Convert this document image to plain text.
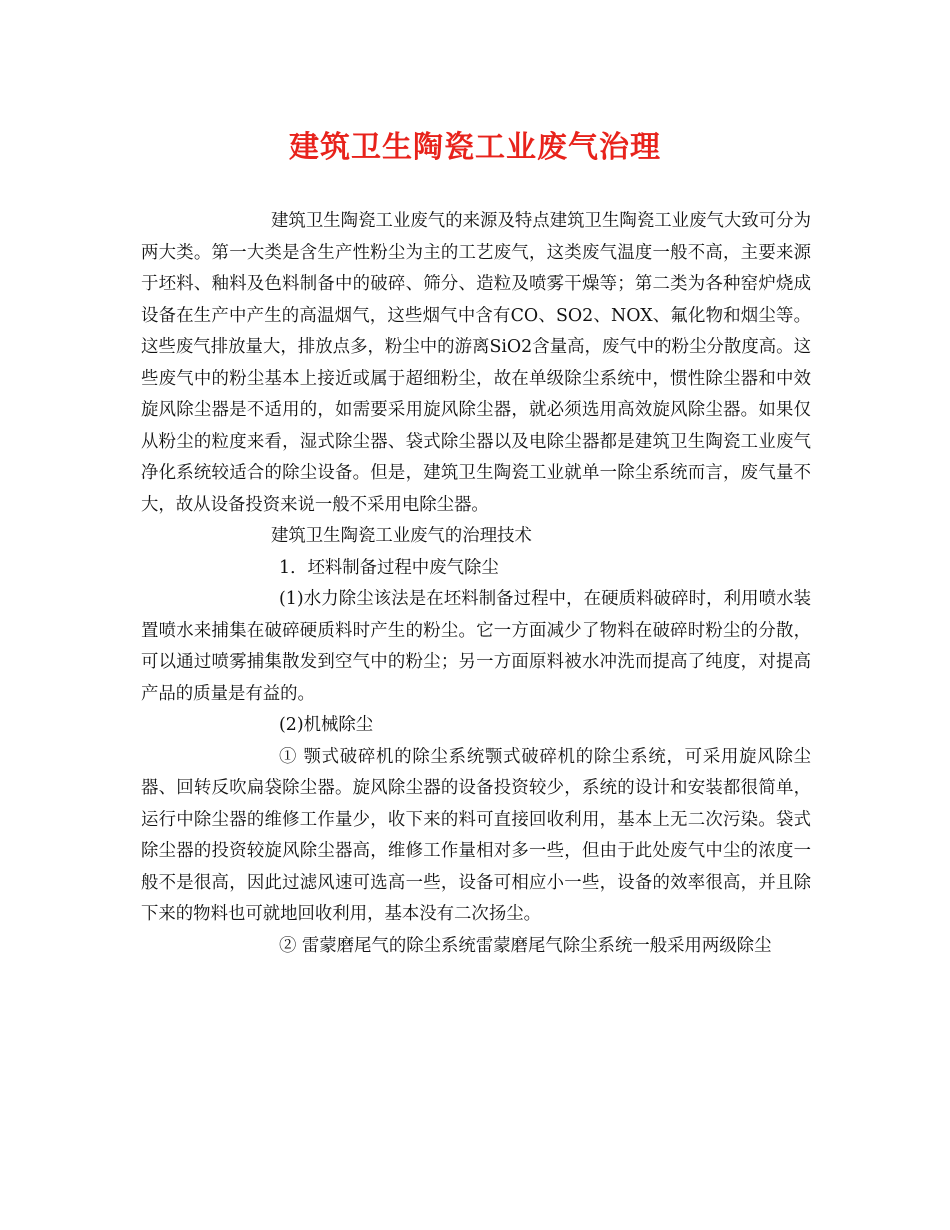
建筑卫生陶瓷工业废气治理

建筑卫生陶瓷工业废气的来源及特点建筑卫生陶瓷工业废气大致可分为两大类。第一大类是含生产性粉尘为主的工艺废气，这类废气温度一般不高，主要来源于坯料、釉料及色料制备中的破碎、筛分、造粒及喷雾干燥等；第二类为各种窑炉烧成设备在生产中产生的高温烟气，这些烟气中含有CO、SO2、NOX、氟化物和烟尘等。这些废气排放量大，排放点多，粉尘中的游离SiO2含量高，废气中的粉尘分散度高。这些废气中的粉尘基本上接近或属于超细粉尘，故在单级除尘系统中，惯性除尘器和中效旋风除尘器是不适用的，如需要采用旋风除尘器，就必须选用高效旋风除尘器。如果仅从粉尘的粒度来看，湿式除尘器、袋式除尘器以及电除尘器都是建筑卫生陶瓷工业废气净化系统较适合的除尘设备。但是，建筑卫生陶瓷工业就单一除尘系统而言，废气量不大，故从设备投资来说一般不采用电除尘器。

建筑卫生陶瓷工业废气的治理技术

1．坯料制备过程中废气除尘

(1)水力除尘该法是在坯料制备过程中，在硬质料破碎时，利用喷水装置喷水来捕集在破碎硬质料时产生的粉尘。它一方面减少了物料在破碎时粉尘的分散，可以通过喷雾捕集散发到空气中的粉尘；另一方面原料被水冲洗而提高了纯度，对提高产品的质量是有益的。

(2)机械除尘

① 颚式破碎机的除尘系统颚式破碎机的除尘系统，可采用旋风除尘器、回转反吹扁袋除尘器。旋风除尘器的设备投资较少，系统的设计和安装都很简单，运行中除尘器的维修工作量少，收下来的料可直接回收利用，基本上无二次污染。袋式除尘器的投资较旋风除尘器高，维修工作量相对多一些，但由于此处废气中尘的浓度一般不是很高，因此过滤风速可选高一些，设备可相应小一些，设备的效率很高，并且除下来的物料也可就地回收利用，基本没有二次扬尘。

② 雷蒙磨尾气的除尘系统雷蒙磨尾气除尘系统一般采用两级除尘
